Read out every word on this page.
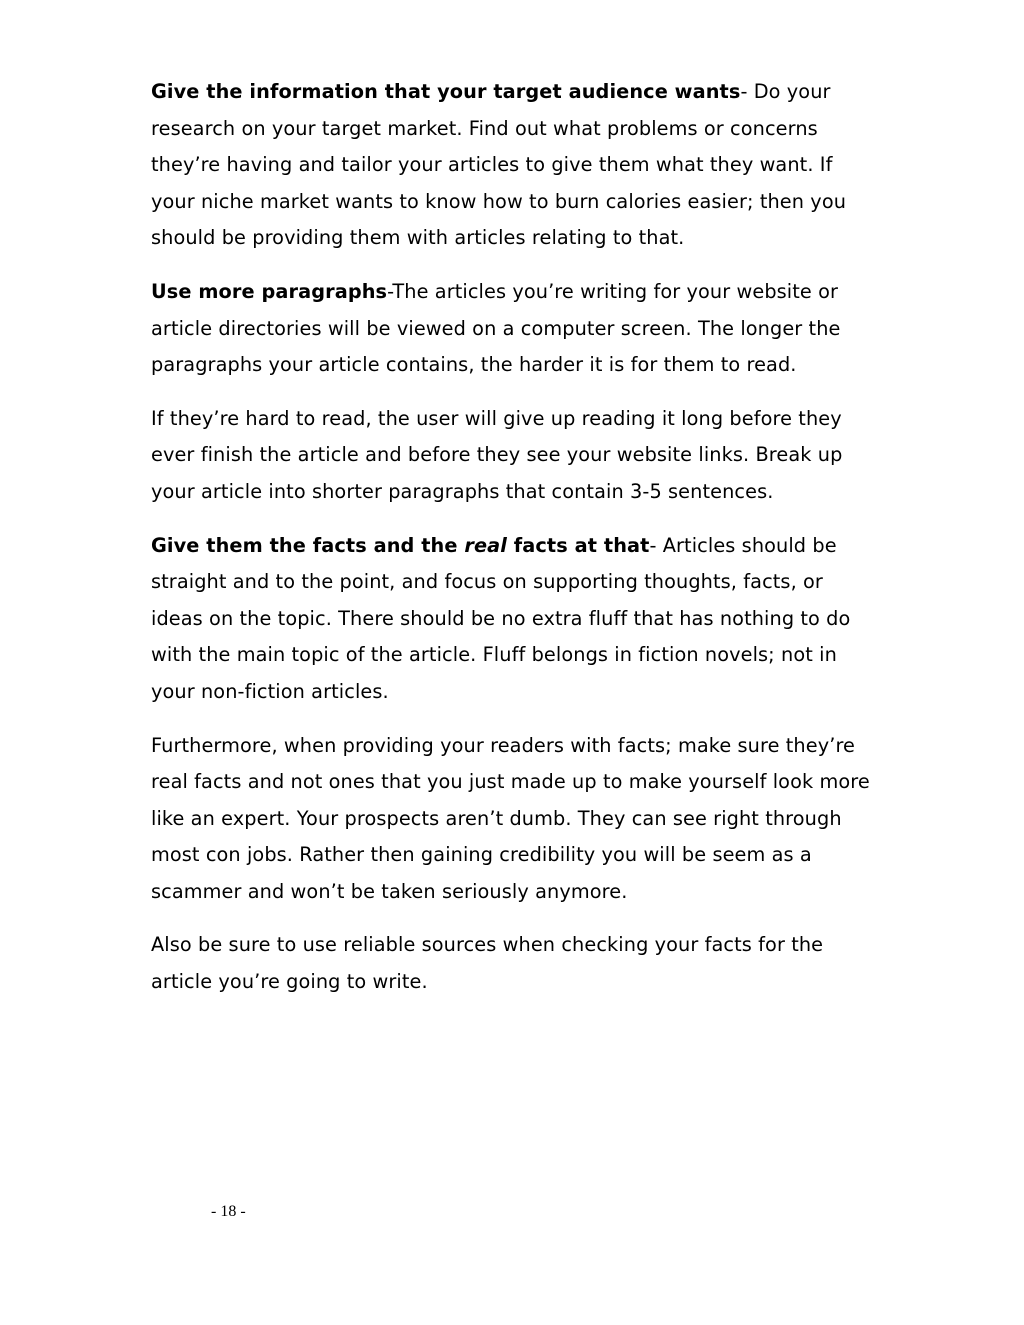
Give the information that your target audience wants- Do your research on your target market. Find out what problems or concerns they’re having and tailor your articles to give them what they want. If your niche market wants to know how to burn calories easier; then you should be providing them with articles relating to that.

Use more paragraphs-The articles you’re writing for your website or article directories will be viewed on a computer screen. The longer the paragraphs your article contains, the harder it is for them to read.

If they’re hard to read, the user will give up reading it long before they ever finish the article and before they see your website links. Break up your article into shorter paragraphs that contain 3-5 sentences.

Give them the facts and the real facts at that- Articles should be straight and to the point, and focus on supporting thoughts, facts, or ideas on the topic. There should be no extra fluff that has nothing to do with the main topic of the article. Fluff belongs in fiction novels; not in your non-fiction articles.

Furthermore, when providing your readers with facts; make sure they’re real facts and not ones that you just made up to make yourself look more like an expert. Your prospects aren’t dumb. They can see right through most con jobs. Rather then gaining credibility you will be seem as a scammer and won’t be taken seriously anymore.

Also be sure to use reliable sources when checking your facts for the article you’re going to write.

- 18 -
